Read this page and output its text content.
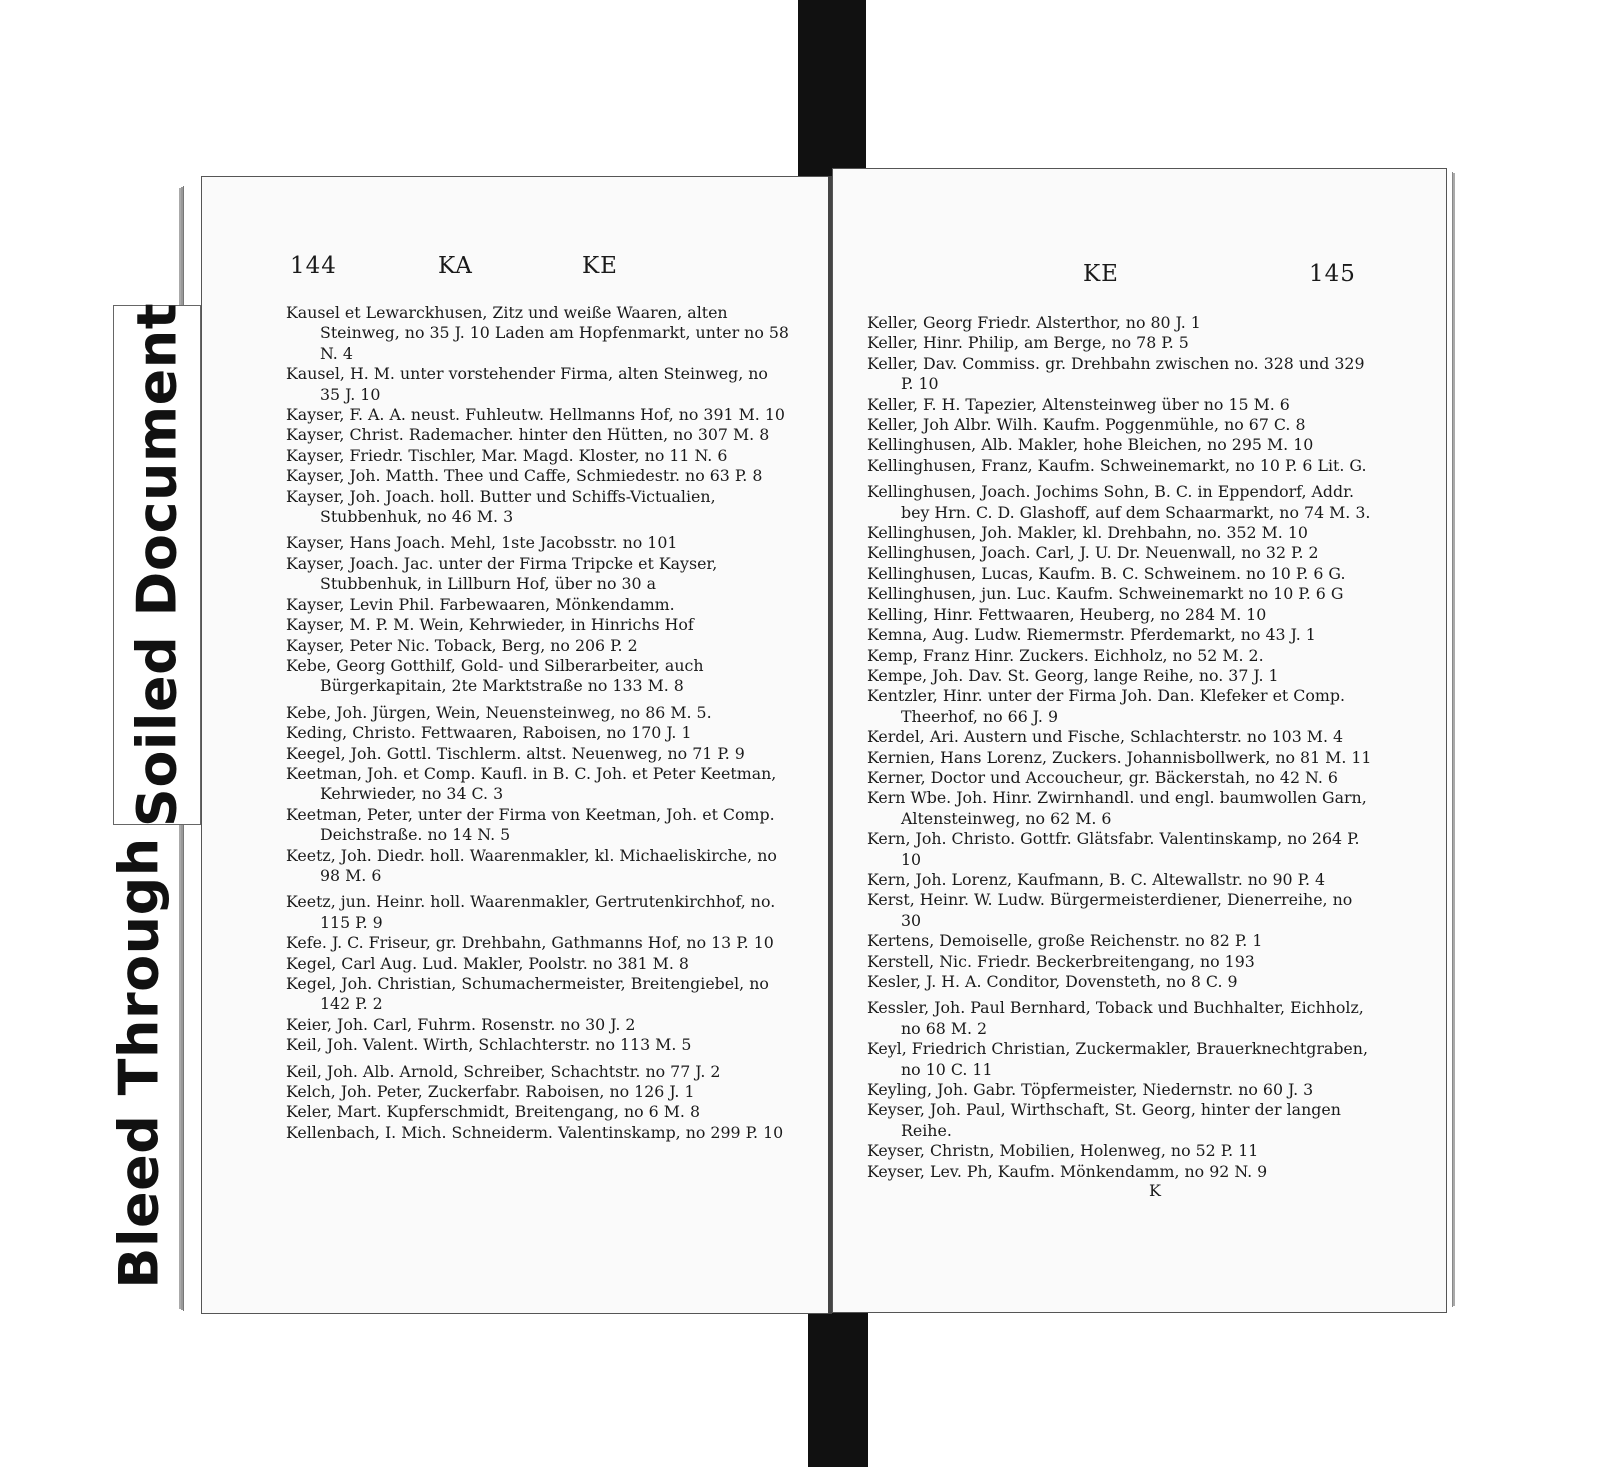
144	KA	KE

Kausel et Lewarckhusen, Zitz und weiße Waaren, alten Steinweg, no 35 J. 10 Laden am Hopfenmarkt, unter no 58 N. 4

Kausel, H. M. unter vorstehender Firma, alten Steinweg, no 35 J. 10

Kayser, F. A. A. neust. Fuhleutw. Hellmanns Hof, no 391 M. 10

Kayser, Christ. Rademacher. hinter den Hütten, no 307 M. 8

Kayser, Friedr. Tischler, Mar. Magd. Kloster, no 11 N. 6

Kayser, Joh. Matth. Thee und Caffe, Schmiedestr. no 63 P. 8

Kayser, Joh. Joach. holl. Butter und Schiffs-Victualien, Stubbenhuk, no 46 M. 3

Kayser, Hans Joach. Mehl, 1ste Jacobsstr. no 101

Kayser, Joach. Jac. unter der Firma Tripcke et Kayser, Stubbenhuk, in Lillburn Hof, über no 30 a

Kayser, Levin Phil. Farbewaaren, Mönkendamm.

Kayser, M. P. M. Wein, Kehrwieder, in Hinrichs Hof

Kayser, Peter Nic. Toback, Berg, no 206 P. 2

Kebe, Georg Gotthilf, Gold- und Silberarbeiter, auch Bürgerkapitain, 2te Marktstraße no 133 M. 8

Kebe, Joh. Jürgen, Wein, Neuensteinweg, no 86 M. 5.

Keding, Christo. Fettwaaren, Raboisen, no 170 J. 1

Keegel, Joh. Gottl. Tischlerm. altst. Neuenweg, no 71 P. 9

Keetman, Joh. et Comp. Kaufl. in B. C. Joh. et Peter Keetman, Kehrwieder, no 34 C. 3

Keetman, Peter, unter der Firma von Keetman, Joh. et Comp. Deichstraße. no 14 N. 5

Keetz, Joh. Diedr. holl. Waarenmakler, kl. Michaeliskirche, no 98 M. 6

Keetz, jun. Heinr. holl. Waarenmakler, Gertrutenkirchhof, no. 115 P. 9

Kefe. J. C. Friseur, gr. Drehbahn, Gathmanns Hof, no 13 P. 10

Kegel, Carl Aug. Lud. Makler, Poolstr. no 381 M. 8

Kegel, Joh. Christian, Schumachermeister, Breitengiebel, no 142 P. 2

Keier, Joh. Carl, Fuhrm. Rosenstr. no 30 J. 2

Keil, Joh. Valent. Wirth, Schlachterstr. no 113 M. 5

Keil, Joh. Alb. Arnold, Schreiber, Schachtstr. no 77 J. 2

Kelch, Joh. Peter, Zuckerfabr. Raboisen, no 126 J. 1

Keler, Mart. Kupferschmidt, Breitengang, no 6 M. 8

Kellenbach, I. Mich. Schneiderm. Valentinskamp, no 299 P. 10

KE	145

Keller, Georg Friedr. Alsterthor, no 80 J. 1

Keller, Hinr. Philip, am Berge, no 78 P. 5

Keller, Dav. Commiss. gr. Drehbahn zwischen no. 328 und 329 P. 10

Keller, F. H. Tapezier, Altensteinweg über no 15 M. 6

Keller, Joh Albr. Wilh. Kaufm. Poggenmühle, no 67 C. 8

Kellinghusen, Alb. Makler, hohe Bleichen, no 295 M. 10

Kellinghusen, Franz, Kaufm. Schweinemarkt, no 10 P. 6 Lit. G.

Kellinghusen, Joach. Jochims Sohn, B. C. in Eppendorf, Addr. bey Hrn. C. D. Glashoff, auf dem Schaarmarkt, no 74 M. 3.

Kellinghusen, Joh. Makler, kl. Drehbahn, no. 352 M. 10

Kellinghusen, Joach. Carl, J. U. Dr. Neuenwall, no 32 P. 2

Kellinghusen, Lucas, Kaufm. B. C. Schweinem. no 10 P. 6 G.

Kellinghusen, jun. Luc. Kaufm. Schweinemarkt no 10 P. 6 G

Kelling, Hinr. Fettwaaren, Heuberg, no 284 M. 10

Kemna, Aug. Ludw. Riemermstr. Pferdemarkt, no 43 J. 1

Kemp, Franz Hinr. Zuckers. Eichholz, no 52 M. 2.

Kempe, Joh. Dav. St. Georg, lange Reihe, no. 37 J. 1

Kentzler, Hinr. unter der Firma Joh. Dan. Klefeker et Comp. Theerhof, no 66 J. 9

Kerdel, Ari. Austern und Fische, Schlachterstr. no 103 M. 4

Kernien, Hans Lorenz, Zuckers. Johannisbollwerk, no 81 M. 11

Kerner, Doctor und Accoucheur, gr. Bäckerstah, no 42 N. 6

Kern Wbe. Joh. Hinr. Zwirnhandl. und engl. baumwollen Garn, Altensteinweg, no 62 M. 6

Kern, Joh. Christo. Gottfr. Glätsfabr. Valentinskamp, no 264 P. 10

Kern, Joh. Lorenz, Kaufmann, B. C. Altewallstr. no 90 P. 4

Kerst, Heinr. W. Ludw. Bürgermeisterdiener, Dienerreihe, no 30

Kertens, Demoiselle, große Reichenstr. no 82 P. 1

Kerstell, Nic. Friedr. Beckerbreitengang, no 193

Kesler, J. H. A. Conditor, Dovensteth, no 8 C. 9

Kessler, Joh. Paul Bernhard, Toback und Buchhalter, Eichholz, no 68 M. 2

Keyl, Friedrich Christian, Zuckermakler, Brauerknechtgraben, no 10 C. 11

Keyling, Joh. Gabr. Töpfermeister, Niedernstr. no 60 J. 3

Keyser, Joh. Paul, Wirthschaft, St. Georg, hinter der langen Reihe.

Keyser, Christn, Mobilien, Holenweg, no 52 P. 11

Keyser, Lev. Ph, Kaufm. Mönkendamm, no 92 N. 9

K
Soiled Document
Bleed Through
